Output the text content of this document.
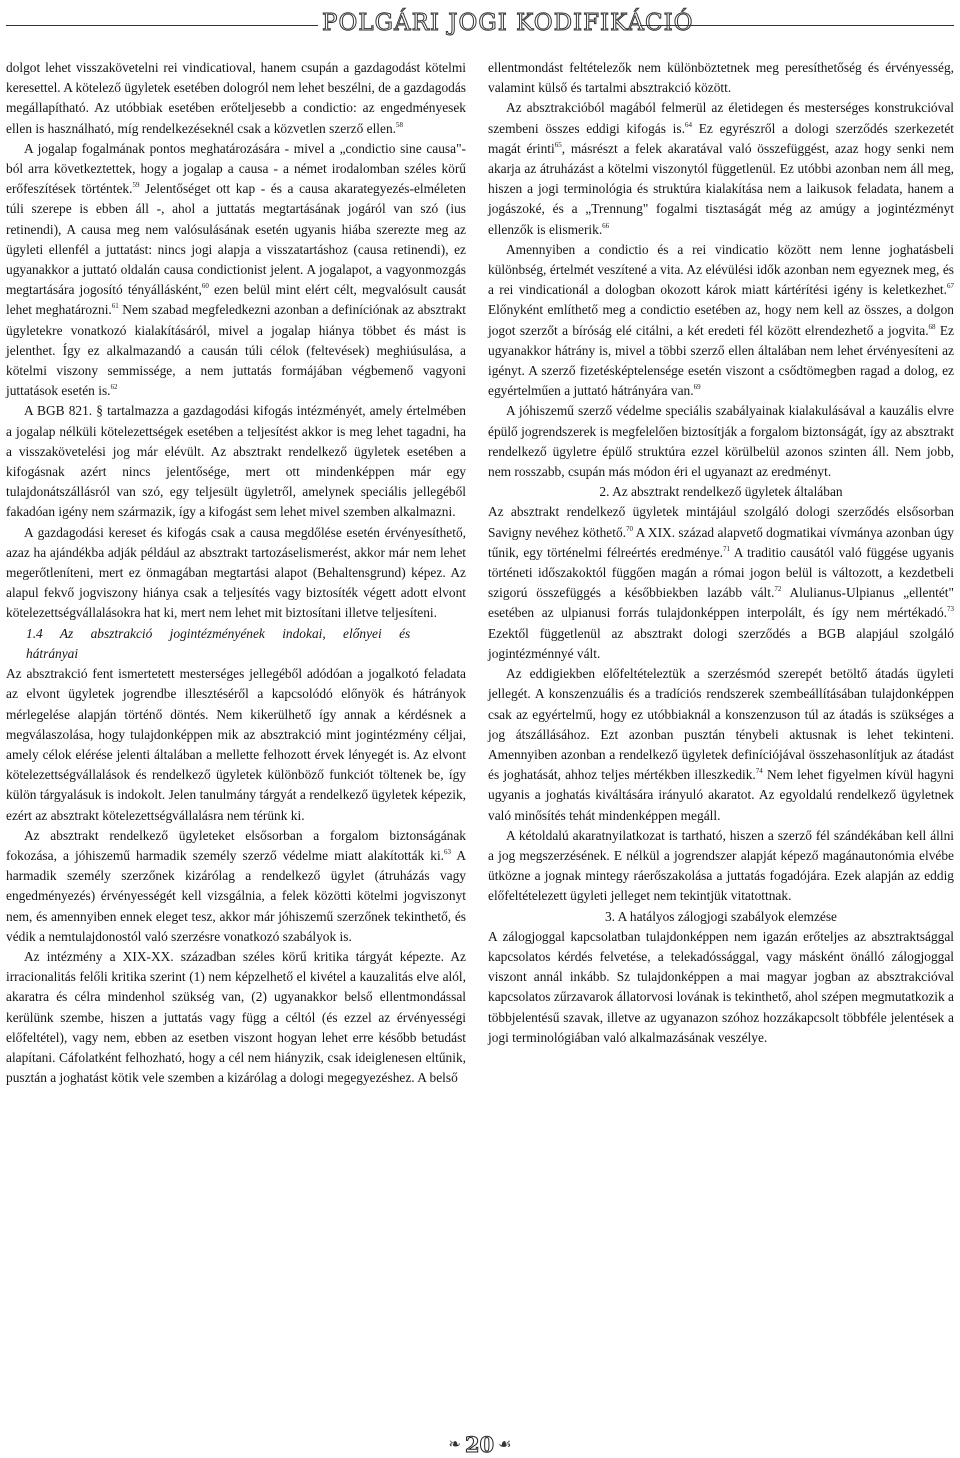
POLGÁRI JOGI KODIFIKÁCIÓ

dolgot lehet visszakövetelni rei vindicatioval, hanem csupán a gazdagodást kötelmi keresettel. A kötelező ügyletek esetében dologról nem lehet beszélni, de a gazdagodás megállapítható. Az utóbbiak esetében erőteljesebb a condictio: az engedményesek ellen is használható, míg rendelkezéseknél csak a közvetlen szerző ellen.$^{58}$

A jogalap fogalmának pontos meghatározására - mivel a „condictio sine causa"-ból arra következtettek, hogy a jogalap a causa - a német irodalomban széles körű erőfeszítések történtek.$^{59}$ Jelentőséget ott kap - és a causa akarategyezés-elméleten túli szerepe is ebben áll -, ahol a juttatás megtartásának jogáról van szó (ius retinendi), A causa meg nem valósulásának esetén ugyanis hiába szerezte meg az ügyleti ellenfél a juttatást: nincs jogi alapja a visszatartáshoz (causa retinendi), ez ugyanakkor a juttató oldalán causa condictionist jelent. A jogalapot, a vagyonmozgás megtartására jogosító tényállásként,$^{60}$ ezen belül mint elért célt, megvalósult causát lehet meghatározni.$^{61}$ Nem szabad megfeledkezni azonban a definíciónak az absztrakt ügyletekre vonatkozó kialakításáról, mivel a jogalap hiánya többet és mást is jelenthet. Így ez alkalmazandó a causán túli célok (feltevések) meghiúsulása, a kötelmi viszony semmissége, a nem juttatás formájában végbemenő vagyoni juttatások esetén is.$^{62}$

A BGB 821. § tartalmazza a gazdagodási kifogás intézményét, amely értelmében a jogalap nélküli kötelezettségek esetében a teljesítést akkor is meg lehet tagadni, ha a visszakövetelési jog már elévült. Az absztrakt rendelkező ügyletek esetében a kifogásnak azért nincs jelentősége, mert ott mindenképpen már egy tulajdonátszállásról van szó, egy teljesült ügyletről, amelynek speciális jellegéből fakadóan igény nem származik, így a kifogást sem lehet mivel szemben alkalmazni.

A gazdagodási kereset és kifogás csak a causa megdőlése esetén érvényesíthető, azaz ha ajándékba adják például az absztrakt tartozáselismerést, akkor már nem lehet megerőtleníteni, mert ez önmagában megtartási alapot (Behaltensgrund) képez. Az alapul fekvő jogviszony hiánya csak a teljesítés vagy biztosíték végett adott elvont kötelezettségvállalásokra hat ki, mert nem lehet mit biztosítani illetve teljesíteni.

1.4 Az absztrakció jogintézményének indokai, előnyei és hátrányai

Az absztrakció fent ismertetett mesterséges jellegéből adódóan a jogalkotó feladata az elvont ügyletek jogrendbe illesztéséről a kapcsolódó előnyök és hátrányok mérlegelése alapján történő döntés. Nem kikerülhető így annak a kérdésnek a megválaszolása, hogy tulajdonképpen mik az absztrakció mint jogintézmény céljai, amely célok elérése jelenti általában a mellette felhozott érvek lényegét is. Az elvont kötelezettségvállalások és rendelkező ügyletek különböző funkciót töltenek be, így külön tárgyalásuk is indokolt. Jelen tanulmány tárgyát a rendelkező ügyletek képezik, ezért az absztrakt kötelezettségvállalásra nem térünk ki.

Az absztrakt rendelkező ügyleteket elsősorban a forgalom biztonságának fokozása, a jóhiszemű harmadik személy szerző védelme miatt alakították ki.$^{63}$ A harmadik személy szerzőnek kizárólag a rendelkező ügylet (átruházás vagy engedményezés) érvényességét kell vizsgálnia, a felek közötti kötelmi jogviszonyt nem, és amennyiben ennek eleget tesz, akkor már jóhiszemű szerzőnek tekinthető, és védik a nemtulajdonostól való szerzésre vonatkozó szabályok is.

Az intézmény a XIX-XX. században széles körű kritika tárgyát képezte. Az irracionalitás felőli kritika szerint (1) nem képzelhető el kivétel a kauzalitás elve alól, akaratra és célra mindenhol szükség van, (2) ugyanakkor belső ellentmondással kerülünk szembe, hiszen a juttatás vagy függ a céltól (és ezzel az érvényességi előfeltétel), vagy nem, ebben az esetben viszont hogyan lehet erre később betudást alapítani. Cáfolatként felhozható, hogy a cél nem hiányzik, csak ideiglenesen eltűnik, pusztán a joghatást kötik vele szemben a kizárólag a dologi megegyezéshez. A belső

ellentmondást feltételezők nem különböztetnek meg peresíthetőség és érvényesség, valamint külső és tartalmi absztrakció között.

Az absztrakcióból magából felmerül az életidegen és mesterséges konstrukcióval szembeni összes eddigi kifogás is.$^{64}$ Ez egyrészről a dologi szerződés szerkezetét magát érinti$^{65}$, másrészt a felek akaratával való összefüggést, azaz hogy senki nem akarja az átruházást a kötelmi viszonytól függetlenül. Ez utóbbi azonban nem áll meg, hiszen a jogi terminológia és struktúra kialakítása nem a laikusok feladata, hanem a jogászoké, és a „Trennung" fogalmi tisztaságát még az amúgy a jogintézményt ellenzők is elismerik.$^{66}$

Amennyiben a condictio és a rei vindicatio között nem lenne joghatásbeli különbség, értelmét veszítené a vita. Az elévülési idők azonban nem egyeznek meg, és a rei vindicationál a dologban okozott károk miatt kártérítési igény is keletkezhet.$^{67}$ Előnyként említhető meg a condictio esetében az, hogy nem kell az összes, a dolgon jogot szerzőt a bíróság elé citálni, a két eredeti fél között elrendezhető a jogvita.$^{68}$ Ez ugyanakkor hátrány is, mivel a többi szerző ellen általában nem lehet érvényesíteni az igényt. A szerző fizetésképtelensége esetén viszont a csődtömegben ragad a dolog, ez egyértelműen a juttató hátrányára van.$^{69}$

A jóhiszemű szerző védelme speciális szabályainak kialakulásával a kauzális elvre épülő jogrendszerek is megfelelően biztosítják a forgalom biztonságát, így az absztrakt rendelkező ügyletre épülő struktúra ezzel körülbelül azonos szinten áll. Nem jobb, nem rosszabb, csupán más módon éri el ugyanazt az eredményt.

2. Az absztrakt rendelkező ügyletek általában

Az absztrakt rendelkező ügyletek mintájául szolgáló dologi szerződés elsősorban Savigny nevéhez köthető.$^{70}$ A XIX. század alapvető dogmatikai vívmánya azonban úgy tűnik, egy történelmi félreértés eredménye.$^{71}$ A traditio causától való függése ugyanis történeti időszakoktól függően magán a római jogon belül is változott, a kezdetbeli szigorú összefüggés a későbbiekben lazább vált.$^{72}$ Alulianus-Ulpianus „ellentét" esetében az ulpianusi forrás tulajdonképpen interpolált, és így nem mértékadó.$^{73}$ Ezektől függetlenül az absztrakt dologi szerződés a BGB alapjául szolgáló jogintézménnyé vált.

Az eddigiekben előfeltételeztük a szerzésmód szerepét betöltő átadás ügyleti jellegét. A konszenzuális és a tradíciós rendszerek szembeállításában tulajdonképpen csak az egyértelmű, hogy ez utóbbiaknál a konszenzuson túl az átadás is szükséges a jog átszállásához. Ezt azonban pusztán ténybeli aktusnak is lehet tekinteni. Amennyiben azonban a rendelkező ügyletek definíciójával összehasonlítjuk az átadást és joghatását, ahhoz teljes mértékben illeszkedik.$^{74}$ Nem lehet figyelmen kívül hagyni ugyanis a joghatás kiváltására irányuló akaratot. Az egyoldalú rendelkező ügyletnek való minősítés tehát mindenképpen megáll.

A kétoldalú akaratnyilatkozat is tartható, hiszen a szerző fél szándékában kell állni a jog megszerzésének. E nélkül a jogrendszer alapját képező magánautonómia elvébe ütközne a jognak mintegy ráerőszakolása a juttatás fogadójára. Ezek alapján az eddig előfeltételezett ügyleti jelleget nem tekintjük vitatottnak.

3. A hatályos zálogjogi szabályok elemzése

A zálogjoggal kapcsolatban tulajdonképpen nem igazán erőteljes az absztraktsággal kapcsolatos kérdés felvetése, a telekadóssággal, vagy másként önálló zálogjoggal viszont annál inkább. Sz tulajdonképpen a mai magyar jogban az absztrakcióval kapcsolatos zűrzavarok állatorvosi lovának is tekinthető, ahol szépen megmutatkozik a többjelentésű szavak, illetve az ugyanazon szóhoz hozzákapcsolt többféle jelentések a jogi terminológiában való alkalmazásának veszélye.

❧ 20 ☙
